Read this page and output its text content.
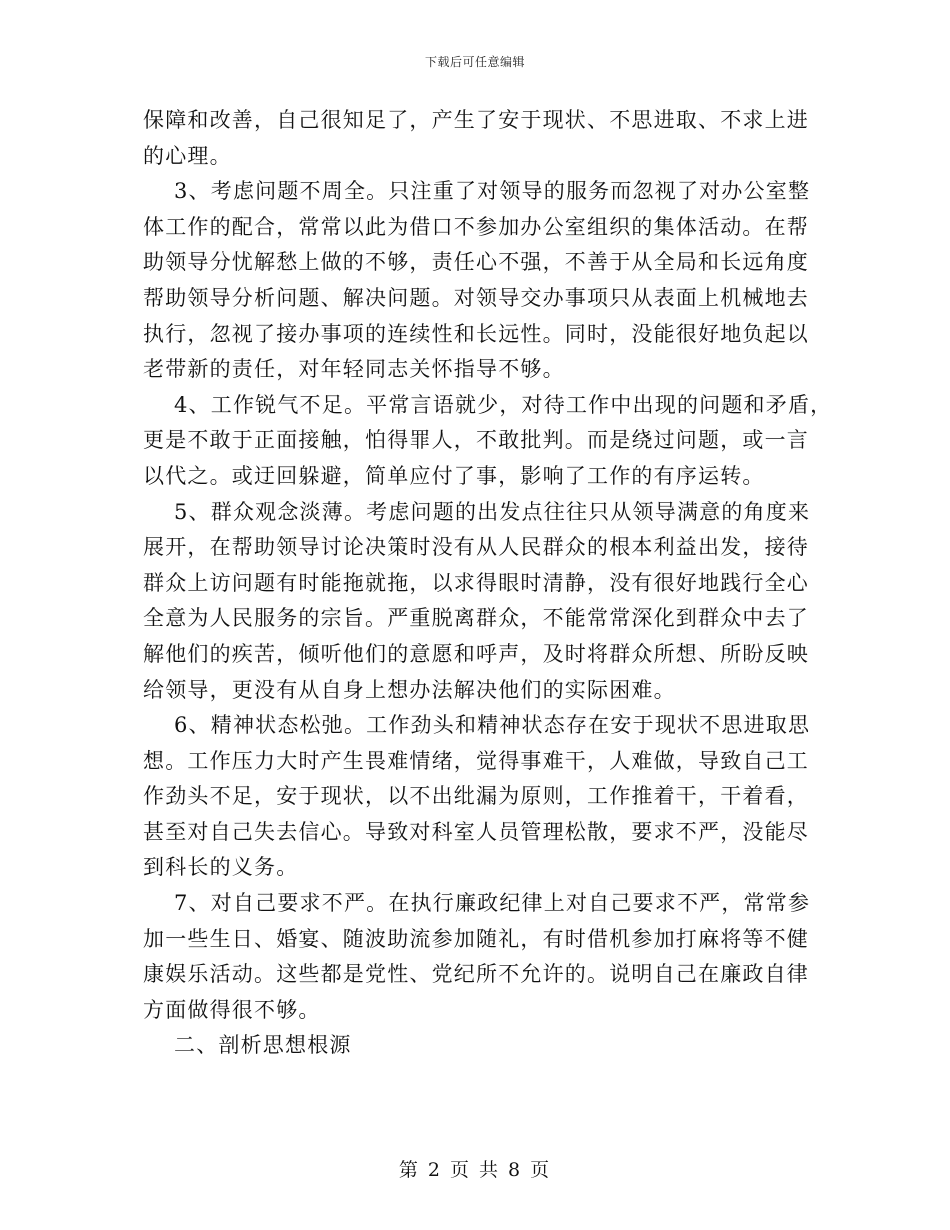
下载后可任意编辑
保障和改善，自己很知足了，产生了安于现状、不思进取、不求上进
的心理。
3、考虑问题不周全。只注重了对领导的服务而忽视了对办公室整
体工作的配合，常常以此为借口不参加办公室组织的集体活动。在帮
助领导分忧解愁上做的不够，责任心不强，不善于从全局和长远角度
帮助领导分析问题、解决问题。对领导交办事项只从表面上机械地去
执行，忽视了接办事项的连续性和长远性。同时，没能很好地负起以
老带新的责任，对年轻同志关怀指导不够。
4、工作锐气不足。平常言语就少，对待工作中出现的问题和矛盾，
更是不敢于正面接触，怕得罪人，不敢批判。而是绕过问题，或一言
以代之。或迂回躲避，简单应付了事，影响了工作的有序运转。
5、群众观念淡薄。考虑问题的出发点往往只从领导满意的角度来
展开，在帮助领导讨论决策时没有从人民群众的根本利益出发，接待
群众上访问题有时能拖就拖，以求得眼时清静，没有很好地践行全心
全意为人民服务的宗旨。严重脱离群众，不能常常深化到群众中去了
解他们的疾苦，倾听他们的意愿和呼声，及时将群众所想、所盼反映
给领导，更没有从自身上想办法解决他们的实际困难。
6、精神状态松弛。工作劲头和精神状态存在安于现状不思进取思
想。工作压力大时产生畏难情绪，觉得事难干，人难做，导致自己工
作劲头不足，安于现状，以不出纰漏为原则，工作推着干，干着看，
甚至对自己失去信心。导致对科室人员管理松散，要求不严，没能尽
到科长的义务。
7、对自己要求不严。在执行廉政纪律上对自己要求不严，常常参
加一些生日、婚宴、随波助流参加随礼，有时借机参加打麻将等不健
康娱乐活动。这些都是党性、党纪所不允许的。说明自己在廉政自律
方面做得很不够。
二、剖析思想根源
第 2 页 共 8 页
